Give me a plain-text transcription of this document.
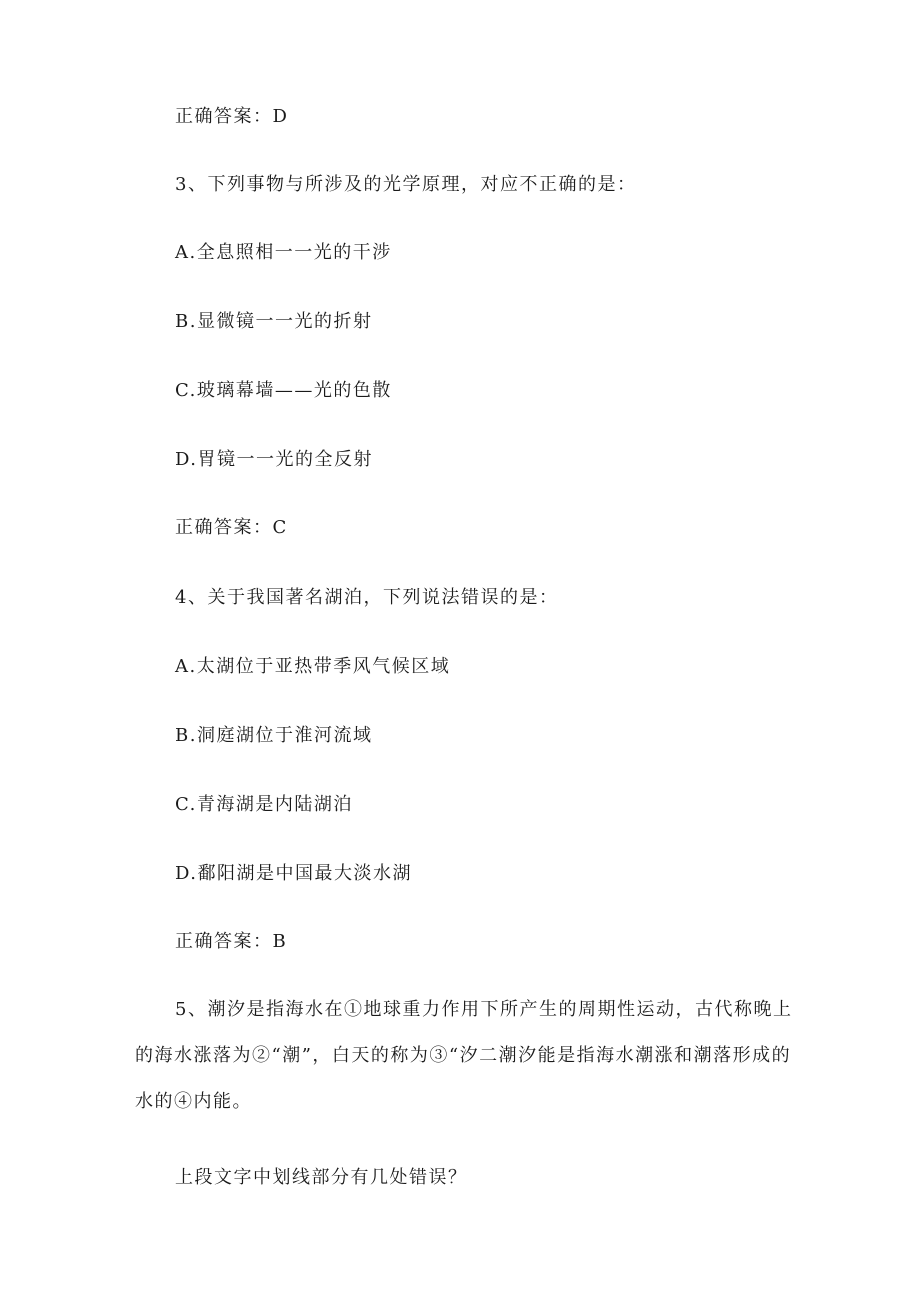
正确答案：D
3、下列事物与所涉及的光学原理，对应不正确的是：
A.全息照相一一光的干涉
B.显微镜一一光的折射
C.玻璃幕墙——光的色散
D.胃镜一一光的全反射
正确答案：C
4、关于我国著名湖泊，下列说法错误的是：
A.太湖位于亚热带季风气候区域
B.洞庭湖位于淮河流域
C.青海湖是内陆湖泊
D.鄱阳湖是中国最大淡水湖
正确答案：B
5、潮汐是指海水在①地球重力作用下所产生的周期性运动，古代称晚上的海水涨落为②“潮”，白天的称为③“汐二潮汐能是指海水潮涨和潮落形成的水的④内能。
上段文字中划线部分有几处错误？
